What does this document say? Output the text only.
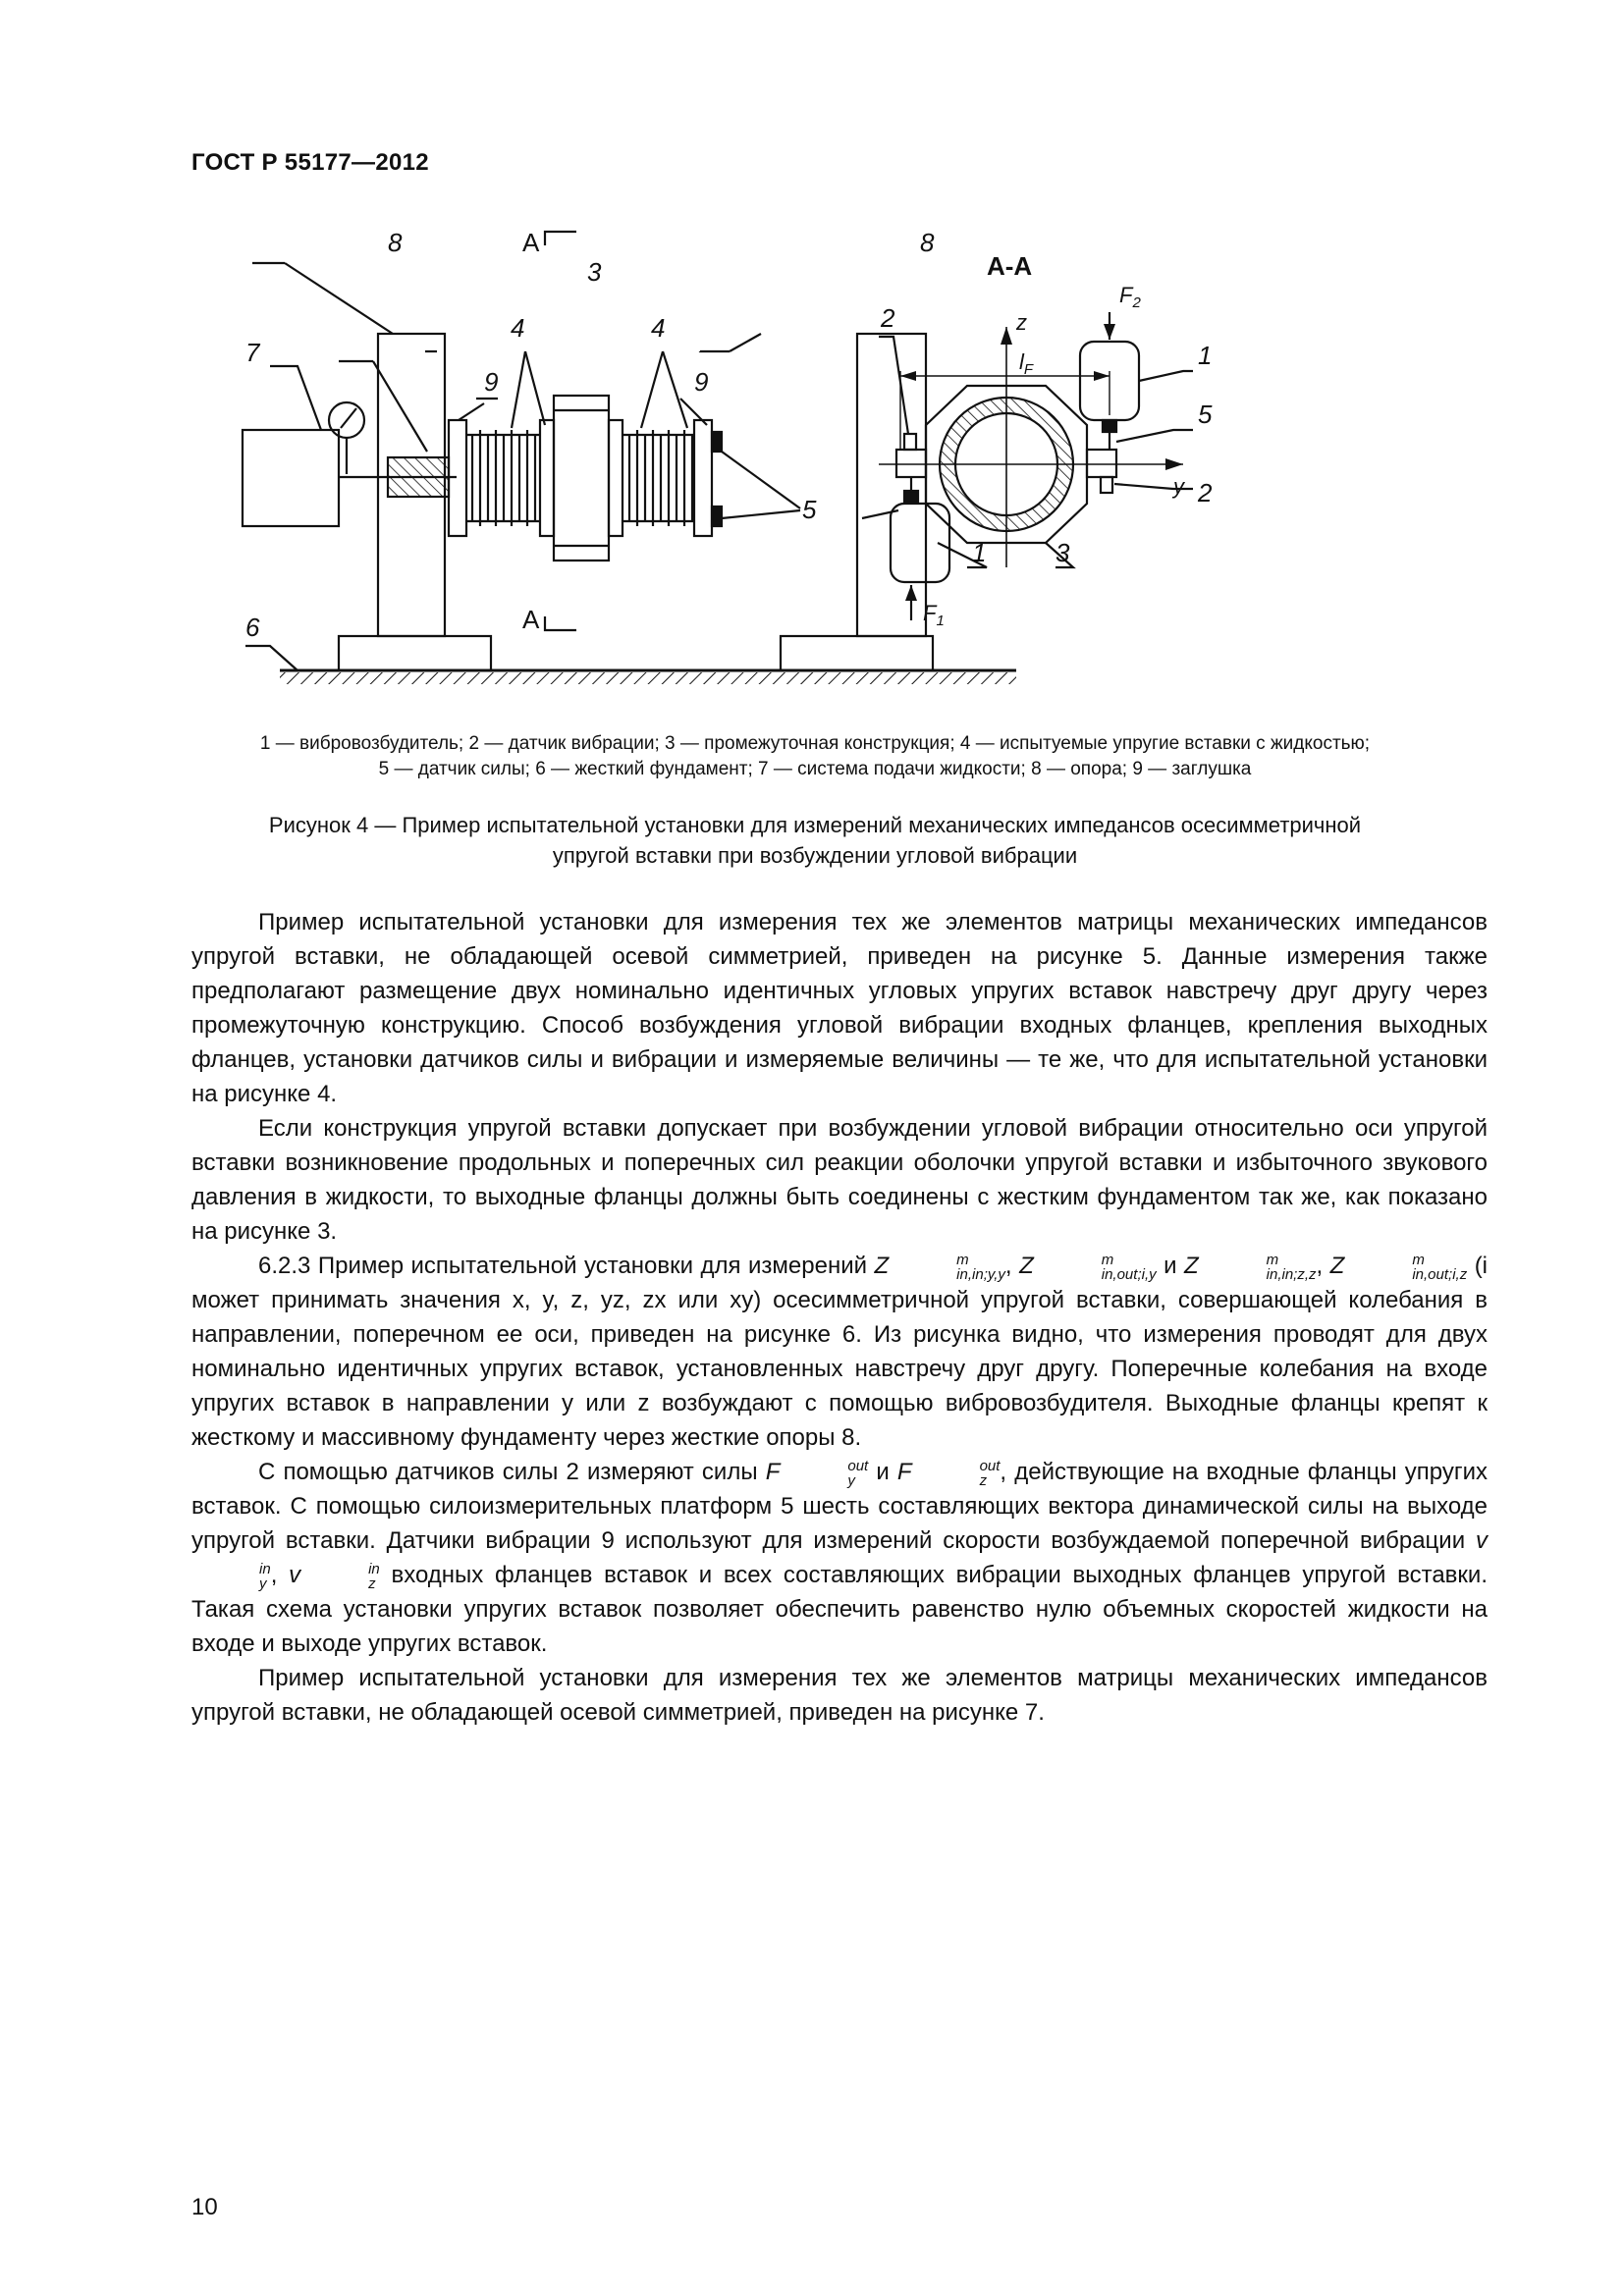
ГОСТ Р 55177—2012
8	8
А
А
3
4	4
7
9	9
5
6
А-А
z
y
$l_F$
2
1
5
2
1	3
$F_2$
$F_1$

1 — вибровозбудитель; 2 — датчик вибрации; 3 — промежуточная конструкция; 4 — испытуемые упругие вставки с жидкостью;

5 — датчик силы; 6 — жесткий фундамент; 7 — система подачи жидкости; 8 — опора; 9 — заглушка

Рисунок 4 — Пример испытательной установки для измерений механических импедансов осесимметричной

упругой вставки при возбуждении угловой вибрации

Пример испытательной установки для измерения тех же элементов матрицы механических импедансов упругой вставки, не обладающей осевой симметрией, приведен на рисунке 5. Данные измерения также предполагают размещение двух номинально идентичных угловых упругих вставок навстречу друг другу через промежуточную конструкцию. Способ возбуждения угловой вибрации входных фланцев, крепления выходных фланцев, установки датчиков силы и вибрации и измеряемые величины — те же, что для испытательной установки на рисунке 4.

Если конструкция упругой вставки допускает при возбуждении угловой вибрации относительно оси упругой вставки возникновение продольных и поперечных сил реакции оболочки упругой вставки и избыточного звукового давления в жидкости, то выходные фланцы должны быть соединены с жестким фундаментом так же, как показано на рисунке 3.

6.2.3 Пример испытательной установки для измерений Z	m
in,in;y,y , Z	m
in,out;i,y и Z	m
in,in;z,z , Z	m
in,out;i,z (i может принимать значения x, y, z, yz, zx или xy) осесимметричной упругой вставки, совершающей колебания в направлении, поперечном ее оси, приведен на рисунке 6. Из рисунка видно, что измерения проводят для двух номинально идентичных упругих вставок, установленных навстречу друг другу. Поперечные колебания на входе упругих вставок в направлении y или z возбуждают с помощью вибровозбудителя. Выходные фланцы крепят к жесткому и массивному фундаменту через жесткие опоры 8.

С помощью датчиков силы 2 измеряют силы F	out
y и F	out
z , действующие на входные фланцы упругих вставок. С помощью силоизмерительных платформ 5 шесть составляющих вектора динамической силы на выходе упругой вставки. Датчики вибрации 9 используют для измерений скорости возбуждаемой поперечной вибрации v
in
y , v	in
z входных фланцев вставок и всех составляющих вибрации выходных фланцев упругой вставки. Такая схема установки упругих вставок позволяет обеспечить равенство нулю объемных скоростей жидкости на входе и выходе упругих вставок.

Пример испытательной установки для измерения тех же элементов матрицы механических импедансов упругой вставки, не обладающей осевой симметрией, приведен на рисунке 7.

10
